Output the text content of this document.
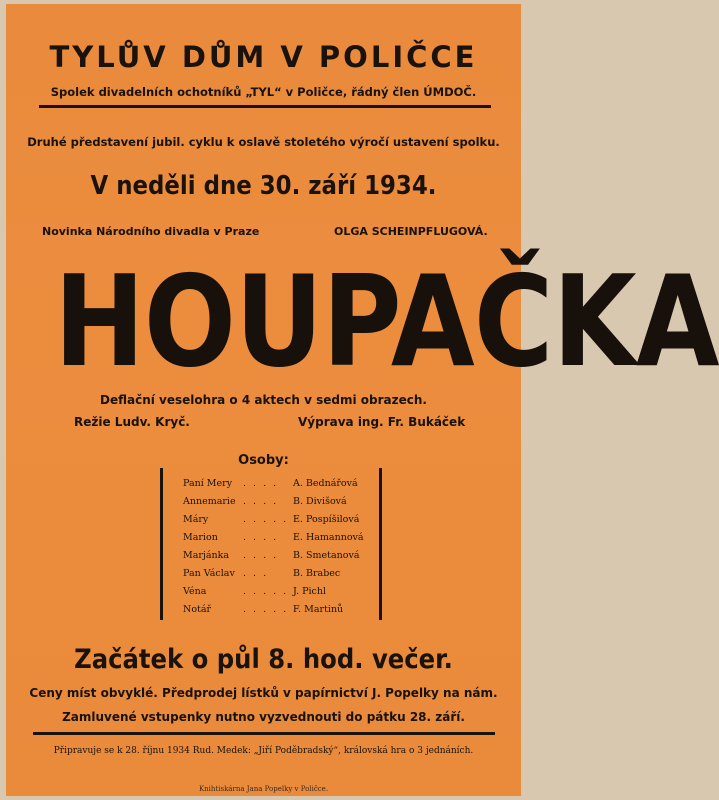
TYLŮV DŮM V POLIČCE
Spolek divadelních ochotníků „TYL“ v Poličce, řádný člen ÚMDOČ.
Druhé představení jubil. cyklu k oslavě stoletého výročí ustavení spolku.
V neděli dne 30. září 1934.
Novinka Národního divadla v Praze	OLGA SCHEINPFLUGOVÁ.
HOUPAČKA
Deflační veselohra o 4 aktech v sedmi obrazech.
Režie Ludv. Kryč.	Výprava ing. Fr. Bukáček
Osoby:
Paní Mery . . . . A. Bednářová
Annemarie . . . . B. Divišová
Máry	. . . . . E. Pospíšilová
Marion	. . . . E. Hamannová
Marjánka . . . . B. Smetanová
Pan Václav . . .	B. Brabec
Véna	. . . . . J. Pichl
Notář	. . . . . F. Martinů
Začátek o půl 8. hod. večer.
Ceny míst obvyklé. Předprodej lístků v papírnictví J. Popelky na nám.
Zamluvené vstupenky nutno vyzvednouti do pátku 28. září.
Připravuje se k 28. říjnu 1934 Rud. Medek: „Jiří Poděbradský“, královská hra o 3 jednáních.
Knihtiskárna Jana Popelky v Poličce.
